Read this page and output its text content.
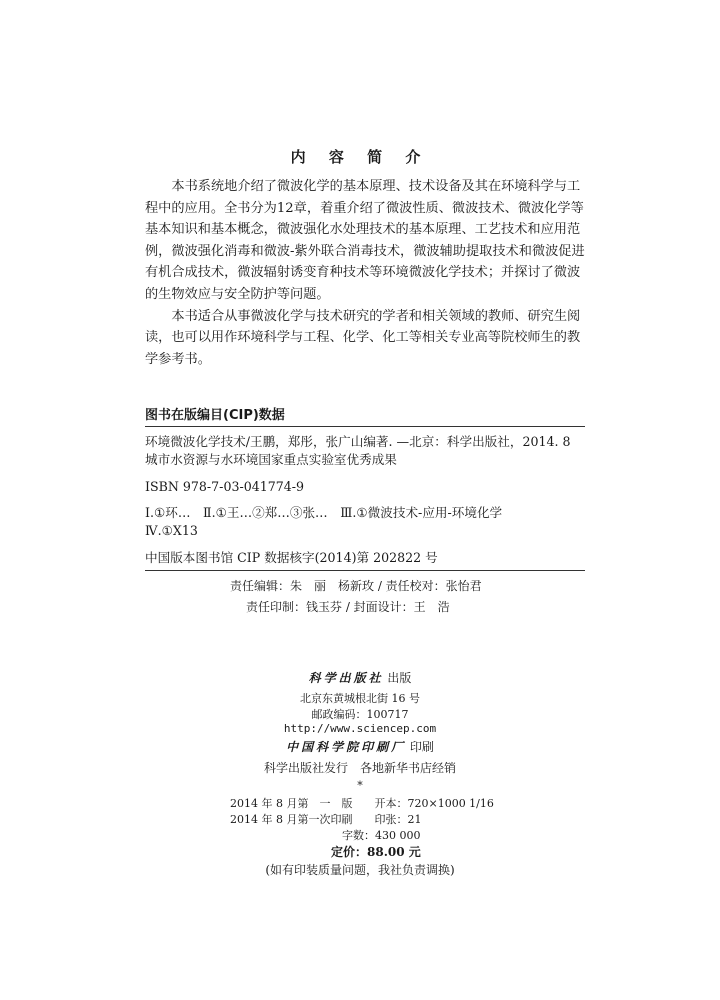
内 容 简 介

本书系统地介绍了微波化学的基本原理、技术设备及其在环境科学与工程中的应用。全书分为12章，着重介绍了微波性质、微波技术、微波化学等基本知识和基本概念，微波强化水处理技术的基本原理、工艺技术和应用范例，微波强化消毒和微波-紫外联合消毒技术，微波辅助提取技术和微波促进有机合成技术，微波辐射诱变育种技术等环境微波化学技术；并探讨了微波的生物效应与安全防护等问题。

本书适合从事微波化学与技术研究的学者和相关领域的教师、研究生阅读，也可以用作环境科学与工程、化学、化工等相关专业高等院校师生的教学参考书。

图书在版编目(CIP)数据
环境微波化学技术/王鹏，郑彤，张广山编著. —北京：科学出版社，2014. 8
城市水资源与水环境国家重点实验室优秀成果
ISBN 978-7-03-041774-9
Ⅰ.①环…　Ⅱ.①王…②郑…③张…　Ⅲ.①微波技术-应用-环境化学
Ⅳ.①X13
中国版本图书馆 CIP 数据核字(2014)第 202822 号
责任编辑：朱　丽　杨新玫 / 责任校对：张怡君
责任印制：钱玉芬 / 封面设计：王　浩
科学出版社 出版
北京东黄城根北街 16 号
邮政编码：100717
http://www.sciencep.com
中国科学院印刷厂 印刷
科学出版社发行　各地新华书店经销
*
2014 年 8 月第　一　版　　开本：720×1000 1/16
2014 年 8 月第一次印刷　　印张：21
字数：430 000
定价：88.00 元
(如有印装质量问题，我社负责调换)
